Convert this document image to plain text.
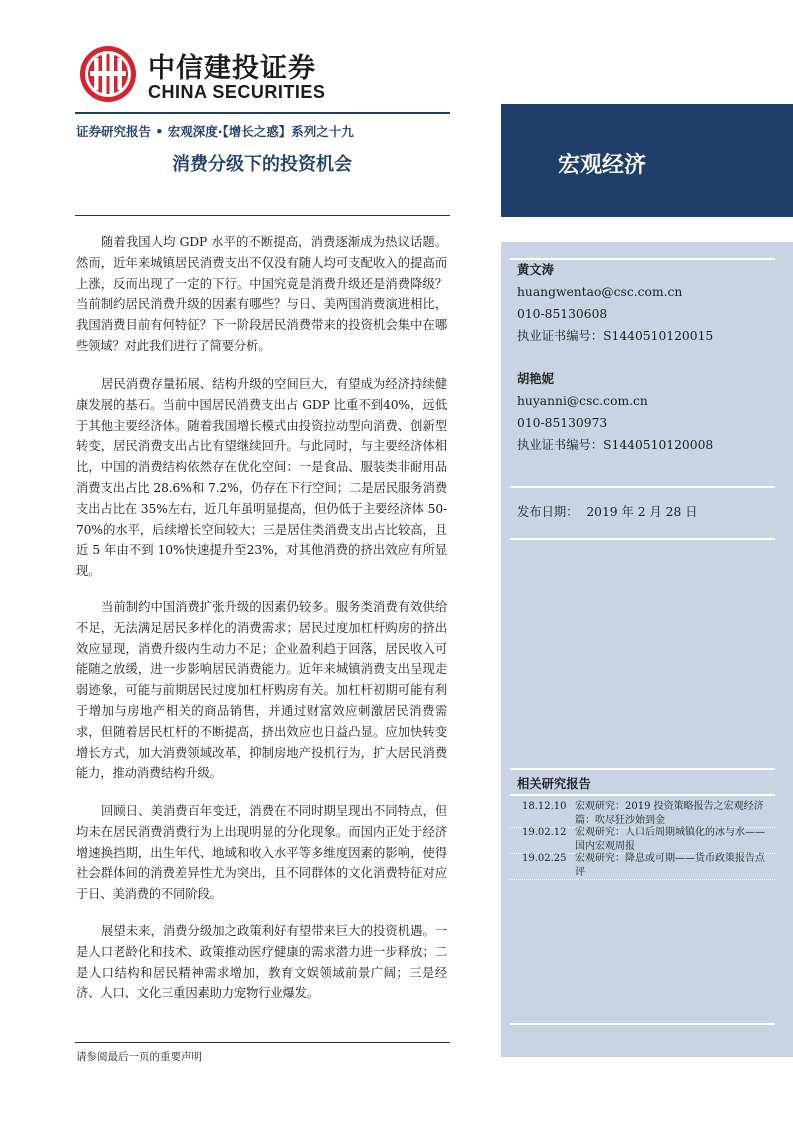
中信建投证券
CHINA SECURITIES
证券研究报告 • 宏观深度·【增长之惑】系列之十九
消费分级下的投资机会	宏观经济
黄文涛
huangwentao@csc.com.cn
010-85130608
执业证书编号：S1440510120015
胡艳妮
huyanni@csc.com.cn
010-85130973
执业证书编号：S1440510120008
发布日期： 2019 年 2 月 28 日
相关研究报告
18.12.10 宏观研究：2019 投资策略报告之宏观经济篇：吹尽狂沙始到金
19.02.12 宏观研究：人口后周期城镇化的冰与水——国内宏观周报
19.02.25 宏观研究：降息或可期——货币政策报告点评

随着我国人均 GDP 水平的不断提高，消费逐渐成为热议话题。然而，近年来城镇居民消费支出不仅没有随人均可支配收入的提高而上涨，反而出现了一定的下行。中国究竟是消费升级还是消费降级？当前制约居民消费升级的因素有哪些？与日、美两国消费演进相比，我国消费目前有何特征？下一阶段居民消费带来的投资机会集中在哪些领域？对此我们进行了简要分析。

居民消费存量拓展、结构升级的空间巨大，有望成为经济持续健康发展的基石。当前中国居民消费支出占 GDP 比重不到40%，远低于其他主要经济体。随着我国增长模式由投资拉动型向消费、创新型转变，居民消费支出占比有望继续回升。与此同时，与主要经济体相比，中国的消费结构依然存在优化空间：一是食品、服装类非耐用品消费支出占比 28.6%和 7.2%，仍存在下行空间；二是居民服务消费支出占比在 35%左右，近几年虽明显提高，但仍低于主要经济体 50-70%的水平，后续增长空间较大；三是居住类消费支出占比较高，且近 5 年由不到 10%快速提升至23%，对其他消费的挤出效应有所显现。

当前制约中国消费扩张升级的因素仍较多。服务类消费有效供给不足，无法满足居民多样化的消费需求；居民过度加杠杆购房的挤出效应显现，消费升级内生动力不足；企业盈利趋于回落，居民收入可能随之放缓，进一步影响居民消费能力。近年来城镇消费支出呈现走弱迹象，可能与前期居民过度加杠杆购房有关。加杠杆初期可能有利于增加与房地产相关的商品销售，并通过财富效应刺激居民消费需求，但随着居民杠杆的不断提高，挤出效应也日益凸显。应加快转变增长方式，加大消费领域改革，抑制房地产投机行为，扩大居民消费能力，推动消费结构升级。

回顾日、美消费百年变迁，消费在不同时期呈现出不同特点，但均未在居民消费消费行为上出现明显的分化现象。而国内正处于经济增速换挡期，出生年代、地域和收入水平等多维度因素的影响，使得社会群体间的消费差异性尤为突出，且不同群体的文化消费特征对应于日、美消费的不同阶段。

展望未来，消费分级加之政策利好有望带来巨大的投资机遇。一是人口老龄化和技术、政策推动医疗健康的需求潜力进一步释放；二是人口结构和居民精神需求增加，教育文娱领域前景广阔；三是经济、人口、文化三重因素助力宠物行业爆发。

请参阅最后一页的重要声明
